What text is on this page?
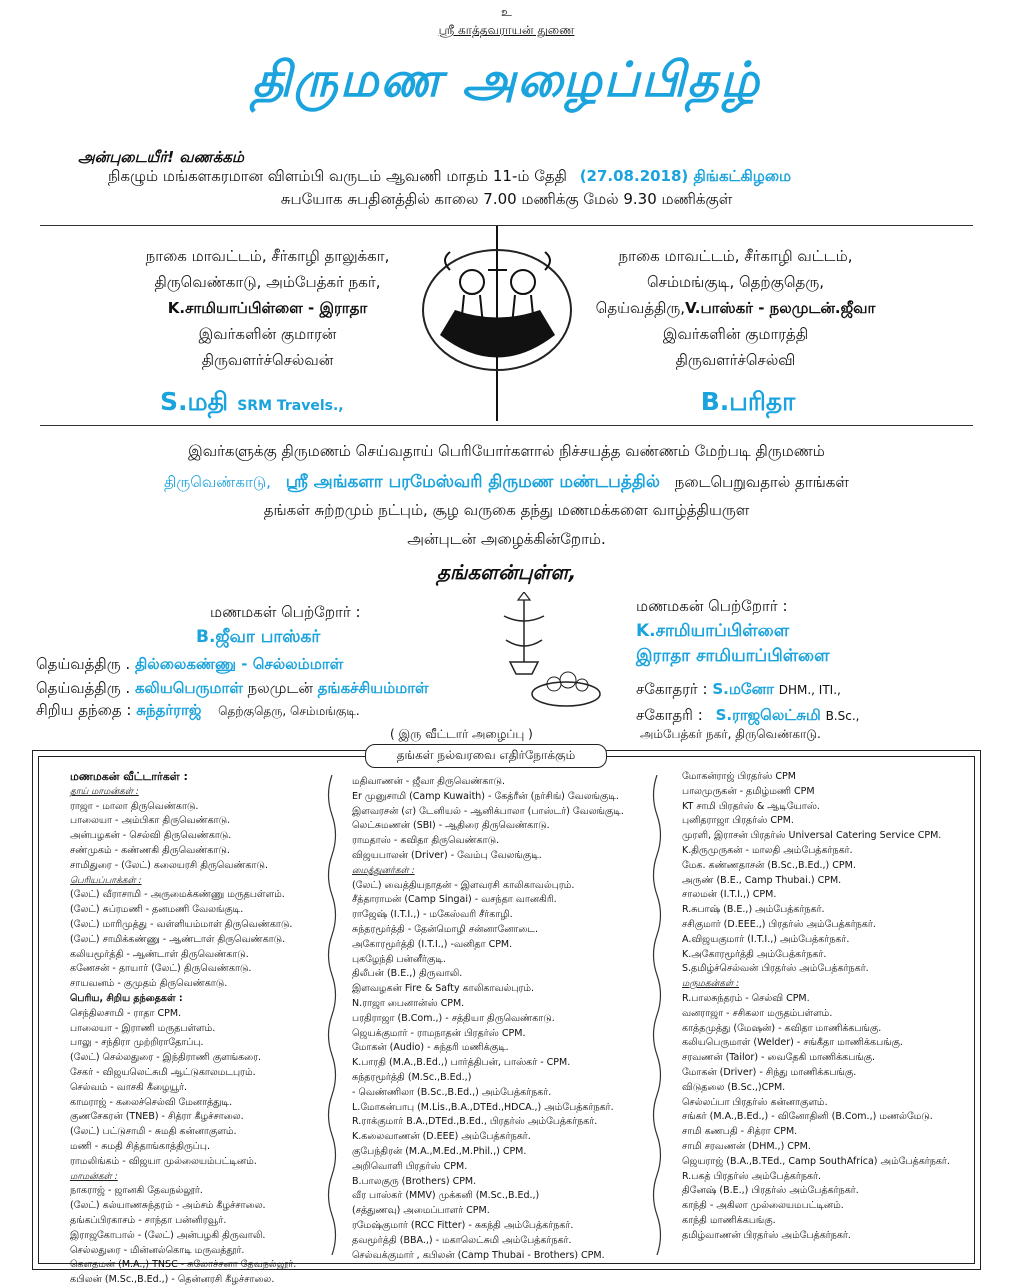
உ
ஸ்ரீ காத்தவராயன் துணை
திருமண அழைப்பிதழ்
அன்புடையீர்! வணக்கம்
நிகழும் மங்களகரமான விளம்பி வருடம் ஆவணி மாதம் 11-ம் தேதி (27.08.2018) திங்கட்கிழமை
சுபயோக சுபதினத்தில் காலை 7.00 மணிக்கு மேல் 9.30 மணிக்குள்
நாகை மாவட்டம், சீர்காழி தாலுக்கா,
திருவெண்காடு, அம்பேத்கர் நகர்,
K.சாமியாப்பிள்ளை - இராதா
இவர்களின் குமாரன்
திருவளர்ச்செல்வன்
S.மதி SRM Travels.,
நாகை மாவட்டம், சீர்காழி வட்டம்,
செம்மங்குடி, தெற்குதெரு,
தெய்வத்திரு,V.பாஸ்கர் - நலமுடன்.ஜீவா
இவர்களின் குமாரத்தி
திருவளர்ச்செல்வி
B.பரிதா
இவர்களுக்கு திருமணம் செய்வதாய் பெரியோர்களால் நிச்சயத்த வண்ணம் மேற்படி திருமணம்
திருவெண்காடு, ஸ்ரீ அங்களா பரமேஸ்வரி திருமண மண்டபத்தில் நடைபெறுவதால் தாங்கள்
தங்கள் சுற்றமும் நட்பும், சூழ வருகை தந்து மணமக்களை வாழ்த்தியருள
அன்புடன் அழைக்கின்றோம்.
தங்களன்புள்ள,
மணமகள் பெற்றோர் :
B.ஜீவா பாஸ்கர்
தெய்வத்திரு . தில்லைகண்ணு - செல்லம்மாள்
தெய்வத்திரு . கலியபெருமாள் நலமுடன் தங்கச்சியம்மாள்
சிறிய தந்தை : சுந்தர்ராஜ் தெற்குதெரு, செம்மங்குடி.
( இரு வீட்டார் அழைப்பு )
மணமகன் பெற்றோர் :
K.சாமியாப்பிள்ளை
இராதா சாமியாப்பிள்ளை
சகோதரர் : S.மனோ DHM., ITI.,
சகோதரி : S.ராஜலெட்சுமி B.Sc.,
அம்பேத்கர் நகர், திருவெண்காடு.
தங்கள் நல்வரவை எதிர்நோக்கும்
மணமகன் வீட்டார்கள் :
தாய் மாமன்கள் :
ராஜா - மாலா திருவெண்காடு.
பாலையா - அம்பிகா திருவெண்காடு.
அன்பழகன் - செல்வி திருவெண்காடு.
சண்முகம் - கண்ணகி திருவெண்காடு.
சாமிதுரை - (லேட்) கலையரசி திருவெண்காடு.
பெரியப்பாக்கள் :
(லேட்) வீராசாமி - அருமைக்கண்ணு மருதபள்ளம்.
(லேட்) சுப்ரமணி - தனமணி வேலங்குடி.
(லேட்) மாரிமுத்து - வள்ளியம்மாள் திருவெண்காடு.
(லேட்) சாமிக்கண்ணு - ஆண்டாள் திருவெண்காடு.
கலியமூர்த்தி - ஆண்டாள் திருவெண்காடு.
கணேசன் - தாயார் (லேட்) திருவெண்காடு.
சாயவனம் - குமுதம் திருவெண்காடு.
பெரிய, சிறிய தந்தைகள் :
செந்திலசாமி - ராதா CPM.
பாலையா - இராணி மருதபள்ளம்.
பாலு - சந்திரா முற்றிராதோப்பு.
(லேட்) செல்லதுரை - இந்திராணி குளங்கரை.
சேகர் - விஜயலெட்சுமி ஆட்டுகாலமடபுரம்.
செல்வம் - வாசகி கீழையூர்.
காமராஜ் - கலைச்செல்வி மேனாத்துடி.
குணசேகரன் (TNEB) - சித்ரா கீழச்சாலை.
(லேட்) பட்டுசாமி - சுமதி கன்னாகுளம்.
மணி - சுமதி சித்தாங்காத்திருப்பு.
ராமலிங்கம் - விஜயா முல்லையம்பட்டினம்.
மாமன்கள் :
நாகராஜ் - ஜானகி தேவநல்லூர்.
(லேட்) கல்யாணசுந்தரம் - அம்சம் கீழச்சாலை.
தங்கப்பிரகாசம் - சாந்தா பன்னிரவூர்.
இராஜகோபால் - (லேட்) அன்பழகி திருவாலி.
செல்லதுரை - மின்னல்கொடி மருவத்தூர்.
கௌதமன் (M.A.,) TNSC - சுலோச்சனா தேவநல்லூர்.
கபிலன் (M.Sc.,B.Ed.,) - தென்னரசி கீழச்சாலை.
மதிவாணன் - ஜீவா திருவெண்காடு.
Er முனுசாமி (Camp Kuwaith) - கேத்ரீன் (நர்சிங்) வேலங்குடி.
இளவரசன் (எ) டேனியல் - ஆனிக்பாலா (பாஸ்டர்) வேலங்குடி.
லெட்சுமணன் (SBI) - ஆதிரை திருவெண்காடு.
ராமதாஸ் - கவிதா திருவெண்காடு.
விஜயபாலன் (Driver) - வேம்பு வேலங்குடி.
மைத்துனர்கள் :
(லேட்) வைத்தியநாதன் - இளவரசி காலிகாவல்புரம்.
சீத்தாராமன் (Camp Singai) - வசந்தா வானகிரி.
ராஜேஷ் (I.T.I.,) - மகேஸ்வரி சீர்காழி.
சுந்தரமூர்த்தி - தேன்மொழி சன்னானோடை.
அகோரமூர்த்தி (I.T.I.,) -வனிதா CPM.
புகழேந்தி பன்னீர்குடி.
திலீபன் (B.E.,) திருவாலி.
இளவழகன் Fire & Safty காலிகாவல்புரம்.
N.ராஜா பைனான்ஸ் CPM.
பரதிராஜா (B.Com.,) - சத்தியா திருவெண்காடு.
ஜெயக்குமார் - ராமநாதன் பிரதர்ஸ் CPM.
மோகன் (Audio) - சுந்தரி மணிக்குடி.
K.பாரதி (M.A.,B.Ed.,) பார்த்திபன், பாஸ்கர் - CPM.
சுந்தரமூர்த்தி (M.Sc.,B.Ed.,)
- வெண்ணிலா (B.Sc.,B.Ed.,) அம்பேத்கர்நகர்.
L.மோகன்பாபு (M.Lis.,B.A.,DTEd.,HDCA.,) அம்பேத்கர்நகர்.
R.ராக்குமார் B.A.,DTEd.,B.Ed., பிரதர்ஸ் அம்பேத்கர்நகர்.
K.கலைவாணன் (D.EEE) அம்பேத்கர்நகர்.
குபேந்திரன் (M.A.,M.Ed.,M.Phil.,) CPM.
அறிவொளி பிரதர்ஸ் CPM.
B.பாலகுரு (Brothers) CPM.
வீர பாஸ்கர் (MMV) முக்கனி (M.Sc.,B.Ed.,)
(சத்துணவு) அமைப்பாளர் CPM.
ரமேஷ்குமார் (RCC Fitter) - சுகந்தி அம்பேத்கர்நகர்.
தவமூர்த்தி (BBA.,) - மகாலெட்சுமி அம்பேத்கர்நகர்.
செல்வக்குமார் , கபிலன் (Camp Thubai - Brothers) CPM.
மோகன்ராஜ் பிரதர்ஸ் CPM
பாலமுருகன் - தமிழ்மணி CPM
KT சாமி பிரதர்ஸ் & ஆடியோஸ்.
புனிதராஜா பிரதர்ஸ் CPM.
முரளி, இராசன் பிரதர்ஸ் Universal Catering Service CPM.
K.திருமுருகன் - மாலதி அம்பேத்கர்நகர்.
மேக. கண்ணதாசன் (B.Sc.,B.Ed.,) CPM.
அருண் (B.E., Camp Thubai.) CPM.
சாலமன் (I.T.I.,) CPM.
R.சுபாஷ் (B.E.,) அம்பேத்கர்நகர்.
சசிகுமார் (D.EEE.,) பிரதர்ஸ் அம்பேத்கர்நகர்.
A.விஜயகுமார் (I.T.I.,) அம்பேத்கர்நகர்.
K.அகோரமூர்த்தி அம்பேத்கர்நகர்.
S.தமிழ்ச்செல்வன் பிரதர்ஸ் அம்பேத்கர்நகர்.
மருமகன்கள் :
R.பாலசுந்தரம் - செல்வி CPM.
வனராஜா - சசிகலா மருதம்பள்ளம்.
காத்தமுத்து (மேஷன்) - கவிதா மாணிக்கபங்கு.
கலியபெருமாள் (Welder) - சங்கீதா மாணிக்கபங்கு.
சரவணன் (Tailor) - வைதேகி மாணிக்கபங்கு.
மோகன் (Driver) - சிந்து மாணிக்கபங்கு.
விடுதலை (B.Sc.,)CPM.
செல்லப்பா பிரதர்ஸ் கன்னாகுளம்.
சங்கர் (M.A.,B.Ed.,) - வினோதினி (B.Com.,) மணல்மேடு.
சாமி கணபதி - சித்ரா CPM.
சாமி சரவணன் (DHM.,) CPM.
ஜெயராஜ் (B.A.,B.TEd., Camp SouthAfrica) அம்பேத்கர்நகர்.
R.பகத் பிரதர்ஸ் அம்பேத்கர்நகர்.
தினேஷ் (B.E.,) பிரதர்ஸ் அம்பேத்கர்நகர்.
காந்தி - அகிலா முல்லையமபட்டினம்.
காந்தி மாணிக்கபங்கு.
தமிழ்வாணன் பிரதர்ஸ் அம்பேத்கர்நகர்.
